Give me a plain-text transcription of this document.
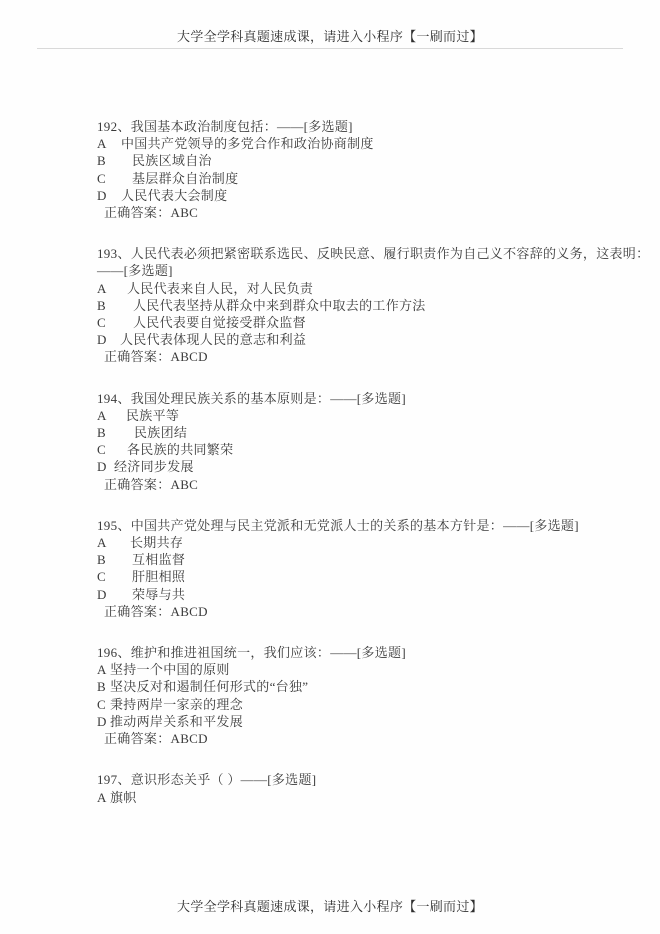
大学全学科真题速成课，请进入小程序【一刷而过】
192、我国基本政治制度包括：——[多选题]
A 中国共产党领导的多党合作和政治协商制度
B 民族区域自治
C 基层群众自治制度
D 人民代表大会制度
正确答案：ABC
193、人民代表必须把紧密联系选民、反映民意、履行职责作为自己义不容辞的义务，这表明：
——[多选题]
A 人民代表来自人民，对人民负责
B 人民代表坚持从群众中来到群众中取去的工作方法
C 人民代表要自觉接受群众监督
D 人民代表体现人民的意志和利益
正确答案：ABCD
194、我国处理民族关系的基本原则是：——[多选题]
A 民族平等
B 民族团结
C 各民族的共同繁荣
D 经济同步发展
正确答案：ABC
195、中国共产党处理与民主党派和无党派人士的关系的基本方针是：——[多选题]
A 长期共存
B 互相监督
C 肝胆相照
D 荣辱与共
正确答案：ABCD
196、维护和推进祖国统一，我们应该：——[多选题]
A 坚持一个中国的原则
B 坚决反对和遏制任何形式的“台独”
C 秉持两岸一家亲的理念
D 推动两岸关系和平发展
正确答案：ABCD
197、意识形态关乎（ ）——[多选题]
A 旗帜
大学全学科真题速成课，请进入小程序【一刷而过】
